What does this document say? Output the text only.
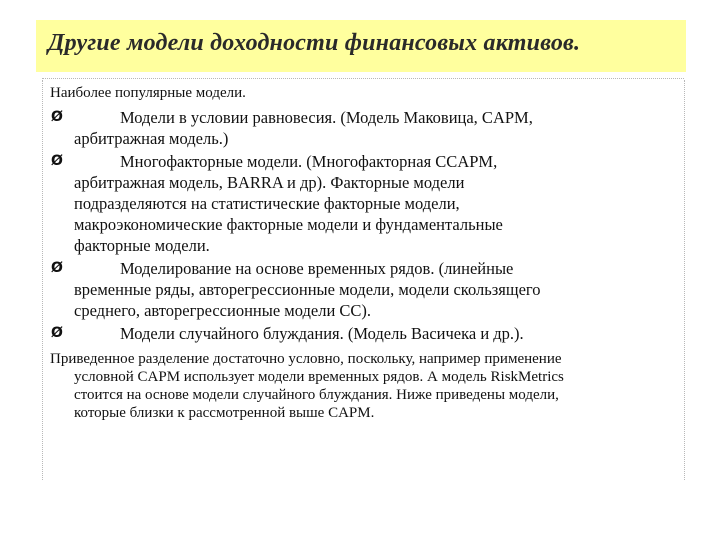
Другие модели доходности финансовых активов.
Наиболее популярные модели.
Ø	Модели в условии равновесия. (Модель Маковица, CAPM,
арбитражная модель.)
Ø	Многофакторные модели. (Многофакторная CCAPM,
арбитражная модель, BARRA и др). Факторные модели
подразделяются на статистические факторные модели,
макроэкономические факторные модели и фундаментальные
факторные модели.
Ø	Моделирование на основе временных рядов. (линейные
временные ряды, авторегрессионные модели, модели скользящего
среднего, авторегрессионные модели CC).
Ø	Модели случайного блуждания. (Модель Васичека и др.).
Приведенное разделение достаточно условно, поскольку, например применение
условной CAPM использует модели временных рядов. А модель RiskMetrics
стоится на основе модели случайного блуждания. Ниже приведены модели,
которые близки к рассмотренной выше CAPM.
